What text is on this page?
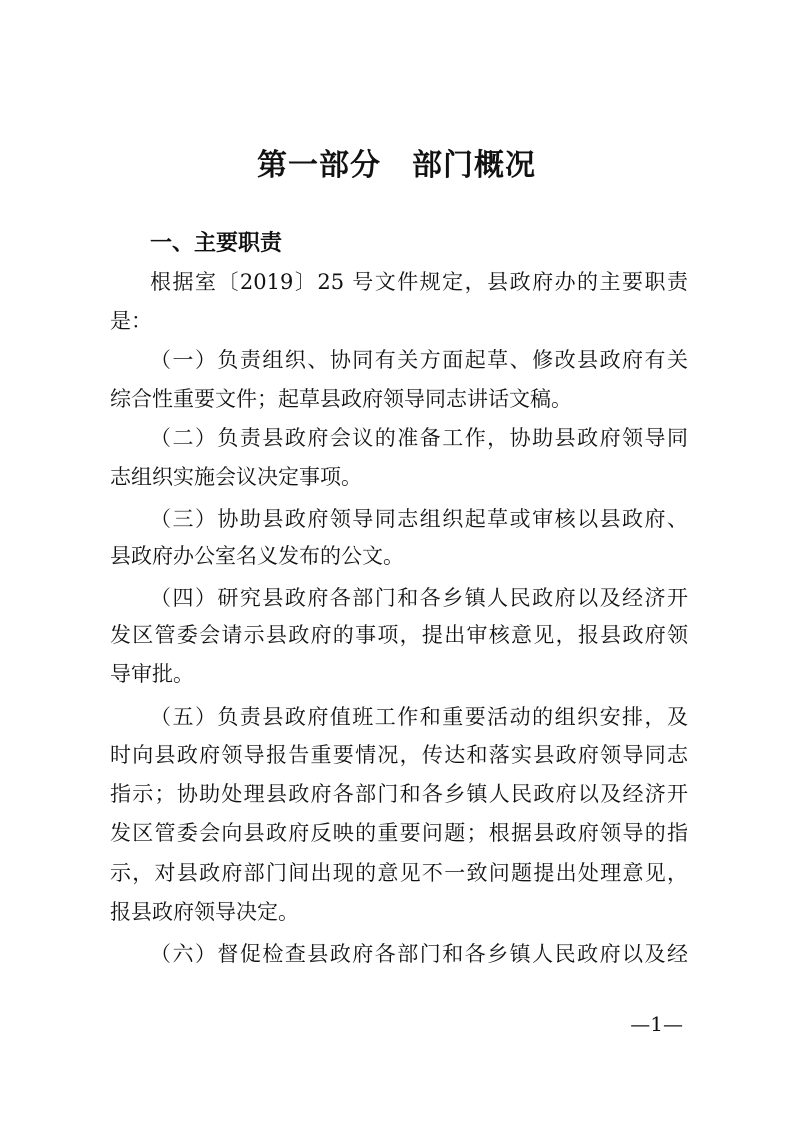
第一部分　部门概况
一、主要职责
根据室〔2019〕25 号文件规定，县政府办的主要职责
是：
（一）负责组织、协同有关方面起草、修改县政府有关
综合性重要文件；起草县政府领导同志讲话文稿。
（二）负责县政府会议的准备工作，协助县政府领导同
志组织实施会议决定事项。
（三）协助县政府领导同志组织起草或审核以县政府、
县政府办公室名义发布的公文。
（四）研究县政府各部门和各乡镇人民政府以及经济开
发区管委会请示县政府的事项，提出审核意见，报县政府领
导审批。
（五）负责县政府值班工作和重要活动的组织安排，及
时向县政府领导报告重要情况，传达和落实县政府领导同志
指示；协助处理县政府各部门和各乡镇人民政府以及经济开
发区管委会向县政府反映的重要问题；根据县政府领导的指
示，对县政府部门间出现的意见不一致问题提出处理意见，
报县政府领导决定。
（六）督促检查县政府各部门和各乡镇人民政府以及经
—1—
